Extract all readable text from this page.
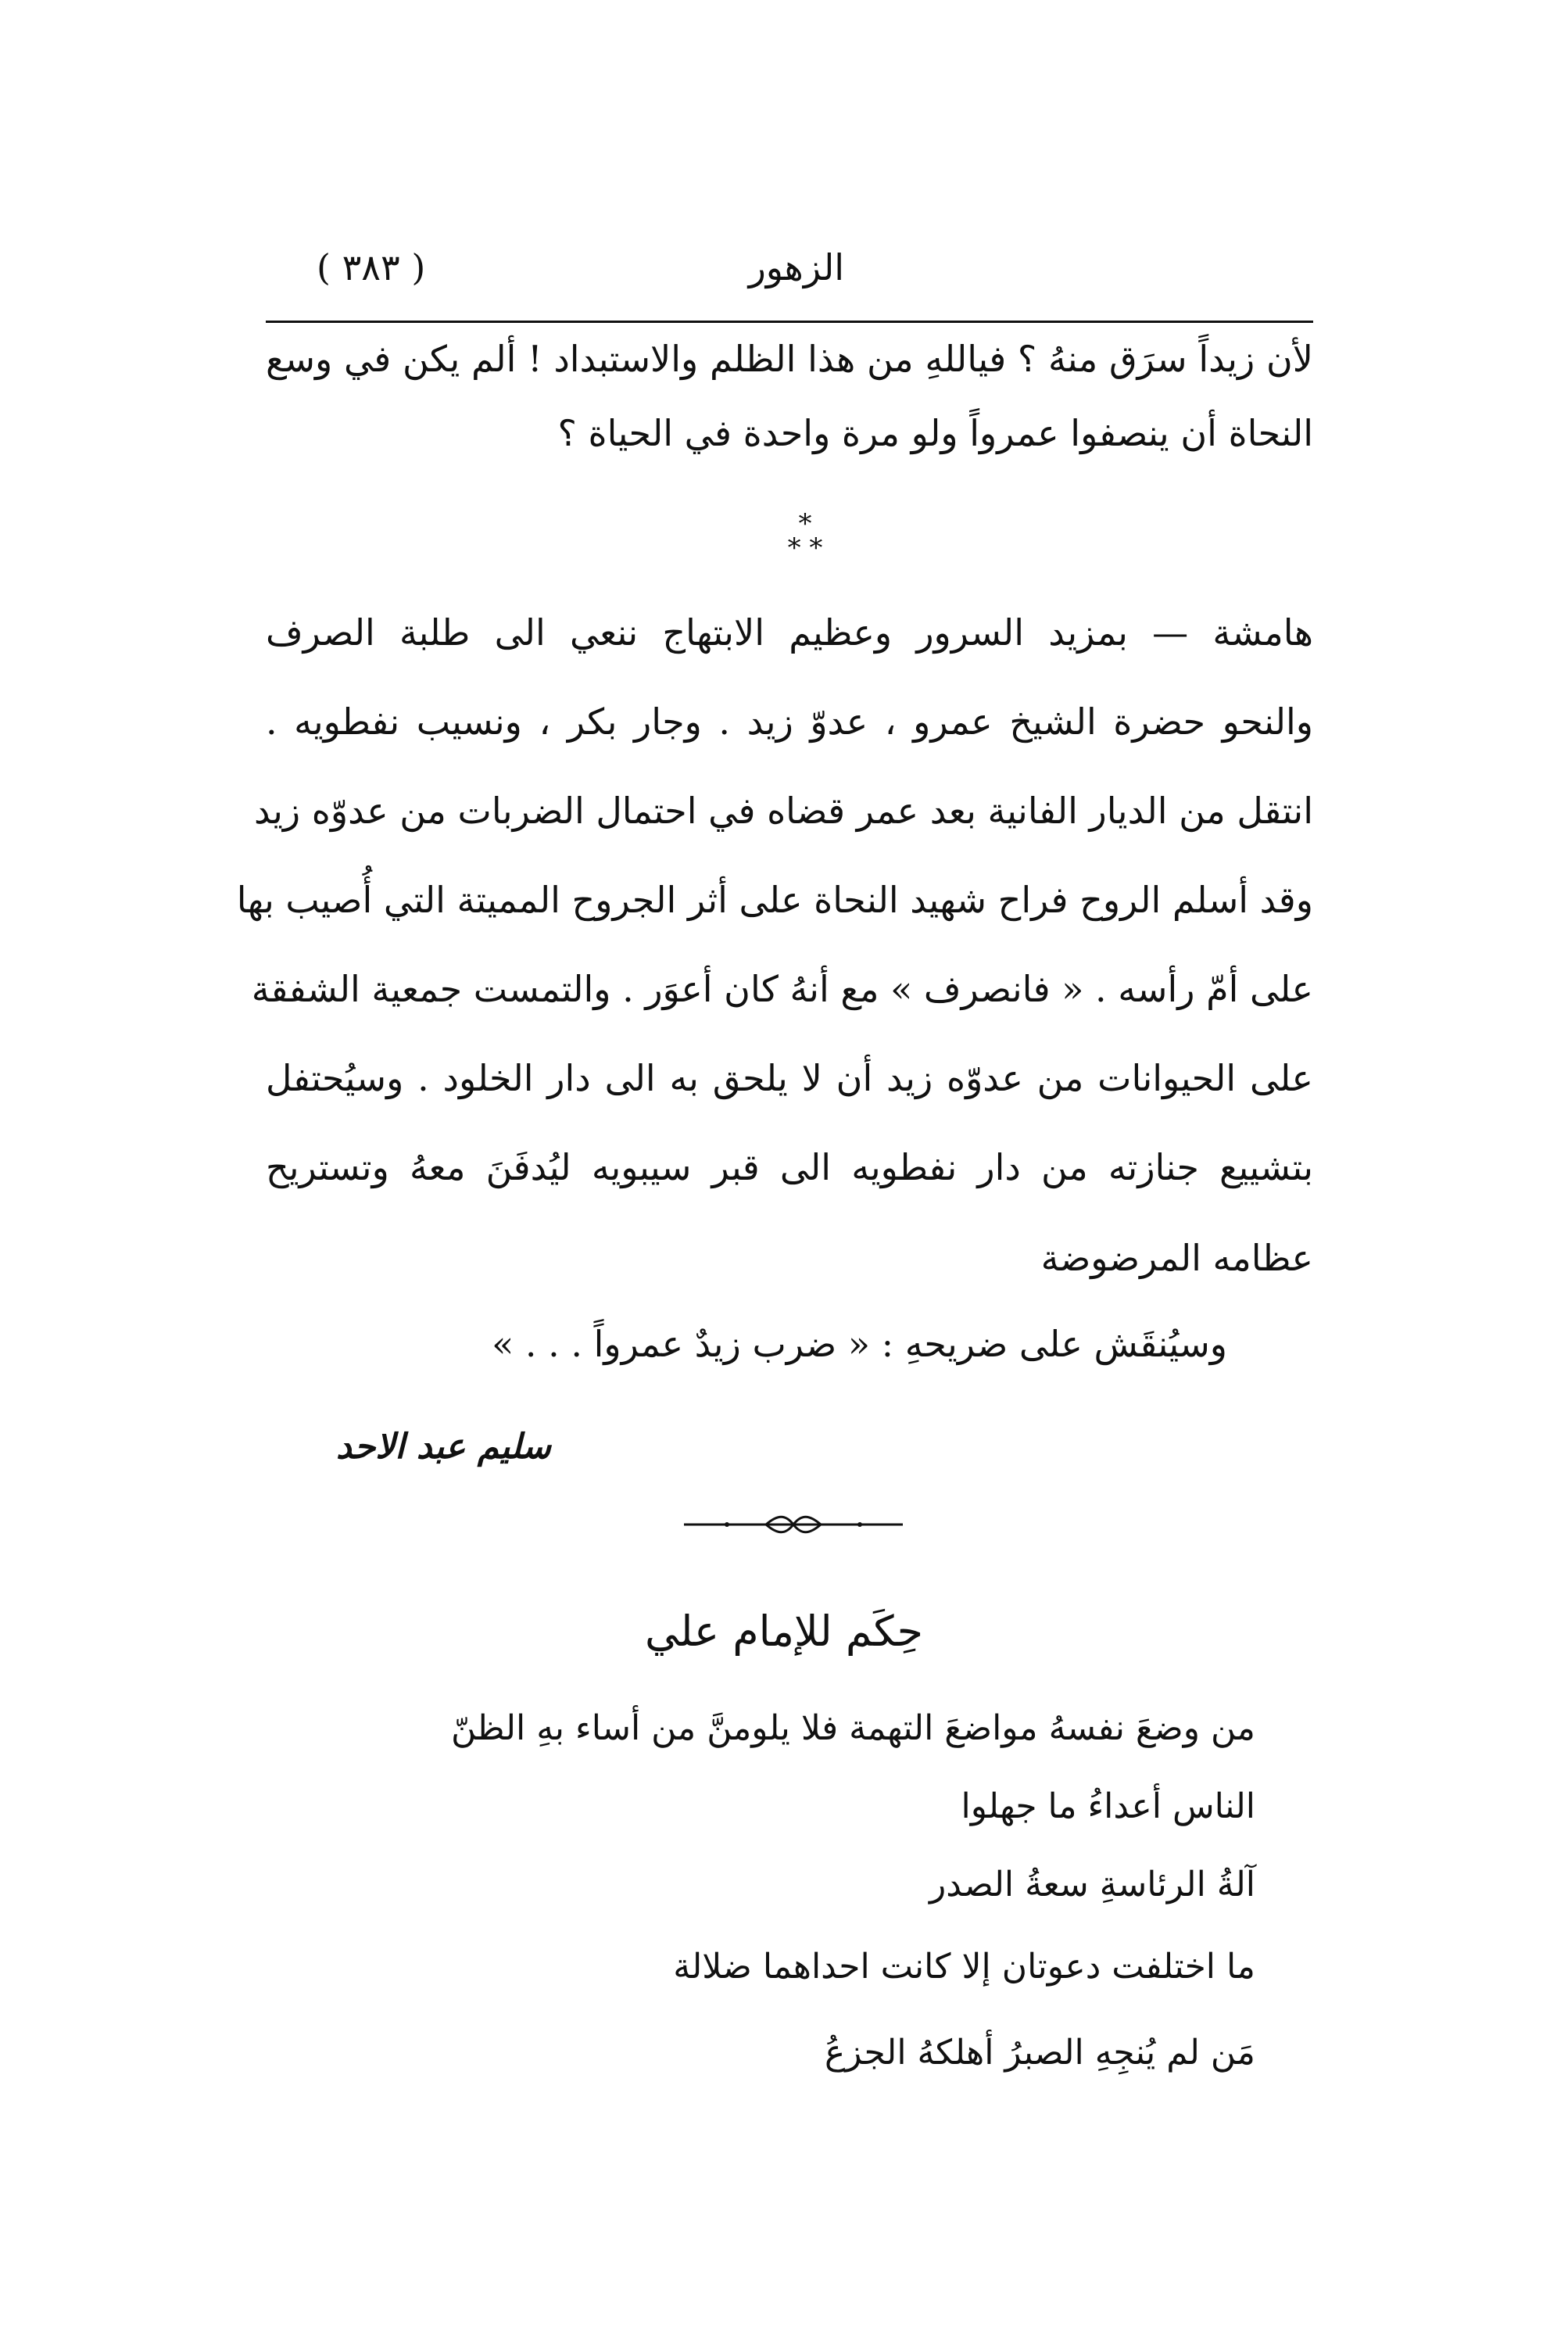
الزهور
( ٣٨٣ )
لأن زيداً سرَق منهُ ؟ فياللهِ من هذا الظلم والاستبداد ! ألم يكن في وسع
النحاة أن ينصفوا عمرواً ولو مرة واحدة في الحياة ؟
*
* *
هامشة — بمزيد السرور وعظيم الابتهاج ننعي الى طلبة الصرف
والنحو حضرة الشيخ عمرو ، عدوّ زيد . وجار بكر ، ونسيب نفطويه .
انتقل من الديار الفانية بعد عمر قضاه في احتمال الضربات من عدوّه زيد
وقد أسلم الروح فراح شهيد النحاة على أثر الجروح المميتة التي أُصيب بها
على أمّ رأسه . « فانصرف » مع أنهُ كان أعوَر . والتمست جمعية الشفقة
على الحيوانات من عدوّه زيد أن لا يلحق به الى دار الخلود . وسيُحتفل
بتشييع جنازته من دار نفطويه الى قبر سيبويه ليُدفَنَ معهُ وتستريح
عظامه المرضوضة
وسيُنقَش على ضريحهِ : « ضرب زيدٌ عمرواً . . . »
سليم عبد الاحد
حِكَم للإمام علي
من وضعَ نفسهُ مواضعَ التهمة فلا يلومنَّ من أساء بهِ الظنّ
الناس أعداءُ ما جهلوا
آلةُ الرئاسةِ سعةُ الصدر
ما اختلفت دعوتان إلا كانت احداهما ضلالة
مَن لم يُنجِهِ الصبرُ أهلكهُ الجزعُ
